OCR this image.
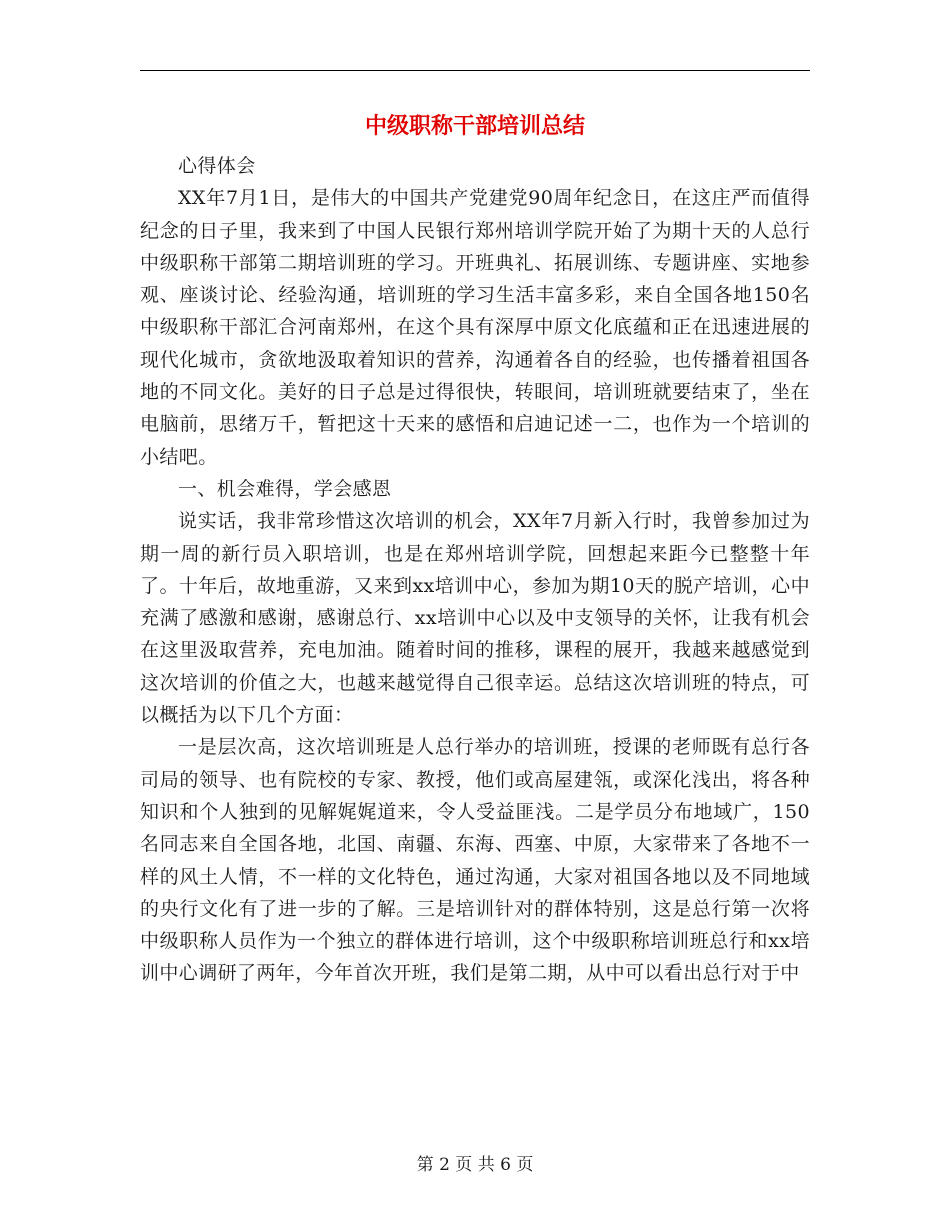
中级职称干部培训总结

心得体会

XX年7月1日，是伟大的中国共产党建党90周年纪念日，在这庄严而值得纪念的日子里，我来到了中国人民银行郑州培训学院开始了为期十天的人总行中级职称干部第二期培训班的学习。开班典礼、拓展训练、专题讲座、实地参观、座谈讨论、经验沟通，培训班的学习生活丰富多彩，来自全国各地150名中级职称干部汇合河南郑州，在这个具有深厚中原文化底蕴和正在迅速进展的现代化城市，贪欲地汲取着知识的营养，沟通着各自的经验，也传播着祖国各地的不同文化。美好的日子总是过得很快，转眼间，培训班就要结束了，坐在电脑前，思绪万千，暂把这十天来的感悟和启迪记述一二，也作为一个培训的小结吧。

一、机会难得，学会感恩

说实话，我非常珍惜这次培训的机会，XX年7月新入行时，我曾参加过为期一周的新行员入职培训，也是在郑州培训学院，回想起来距今已整整十年了。十年后，故地重游，又来到xx培训中心，参加为期10天的脱产培训，心中充满了感激和感谢，感谢总行、xx培训中心以及中支领导的关怀，让我有机会在这里汲取营养，充电加油。随着时间的推移，课程的展开，我越来越感觉到这次培训的价值之大，也越来越觉得自己很幸运。总结这次培训班的特点，可以概括为以下几个方面：

一是层次高，这次培训班是人总行举办的培训班，授课的老师既有总行各司局的领导、也有院校的专家、教授，他们或高屋建瓴，或深化浅出，将各种知识和个人独到的见解娓娓道来，令人受益匪浅。二是学员分布地域广，150名同志来自全国各地，北国、南疆、东海、西塞、中原，大家带来了各地不一样的风土人情，不一样的文化特色，通过沟通，大家对祖国各地以及不同地域的央行文化有了进一步的了解。三是培训针对的群体特别，这是总行第一次将中级职称人员作为一个独立的群体进行培训，这个中级职称培训班总行和xx培训中心调研了两年，今年首次开班，我们是第二期，从中可以看出总行对于中

第 2 页 共 6 页
